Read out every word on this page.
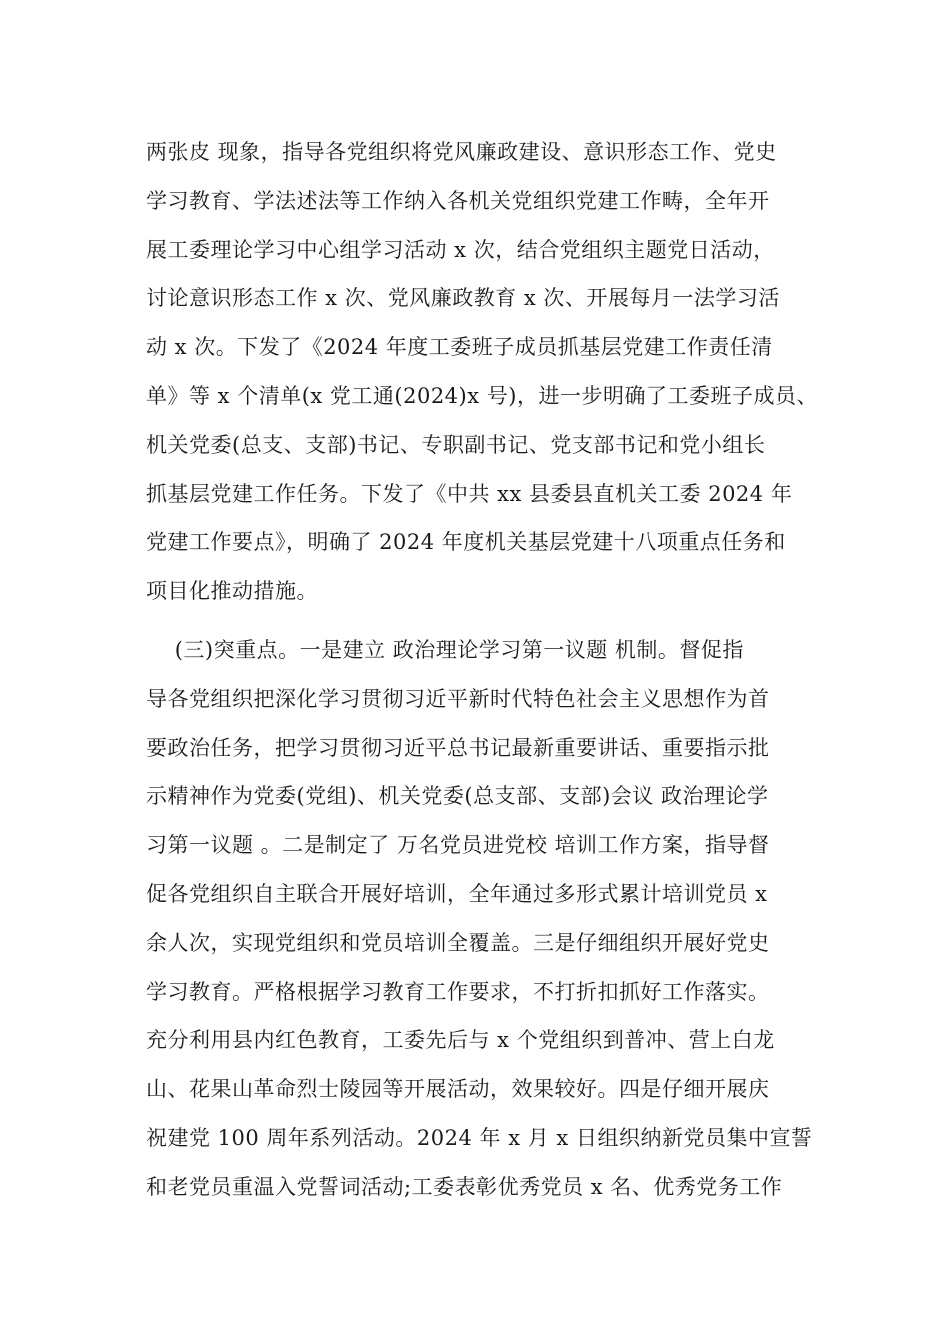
两张皮 现象，指导各党组织将党风廉政建设、意识形态工作、党史
学习教育、学法述法等工作纳入各机关党组织党建工作畴，全年开
展工委理论学习中心组学习活动 x 次，结合党组织主题党日活动，
讨论意识形态工作 x 次、党风廉政教育 x 次、开展每月一法学习活
动 x 次。下发了《2024 年度工委班子成员抓基层党建工作责任清
单》等 x 个清单(x 党工通(2024)x 号)，进一步明确了工委班子成员、
机关党委(总支、支部)书记、专职副书记、党支部书记和党小组长
抓基层党建工作任务。下发了《中共 xx 县委县直机关工委 2024 年
党建工作要点》，明确了 2024 年度机关基层党建十八项重点任务和
项目化推动措施。
(三)突重点。一是建立 政治理论学习第一议题 机制。督促指
导各党组织把深化学习贯彻习近平新时代特色社会主义思想作为首
要政治任务，把学习贯彻习近平总书记最新重要讲话、重要指示批
示精神作为党委(党组)、机关党委(总支部、支部)会议 政治理论学
习第一议题 。二是制定了 万名党员进党校 培训工作方案，指导督
促各党组织自主联合开展好培训，全年通过多形式累计培训党员 x
余人次，实现党组织和党员培训全覆盖。三是仔细组织开展好党史
学习教育。严格根据学习教育工作要求，不打折扣抓好工作落实。
充分利用县内红色教育，工委先后与 x 个党组织到普冲、营上白龙
山、花果山革命烈士陵园等开展活动，效果较好。四是仔细开展庆
祝建党 100 周年系列活动。2024 年 x 月 x 日组织纳新党员集中宣誓
和老党员重温入党誓词活动;工委表彰优秀党员 x 名、优秀党务工作
